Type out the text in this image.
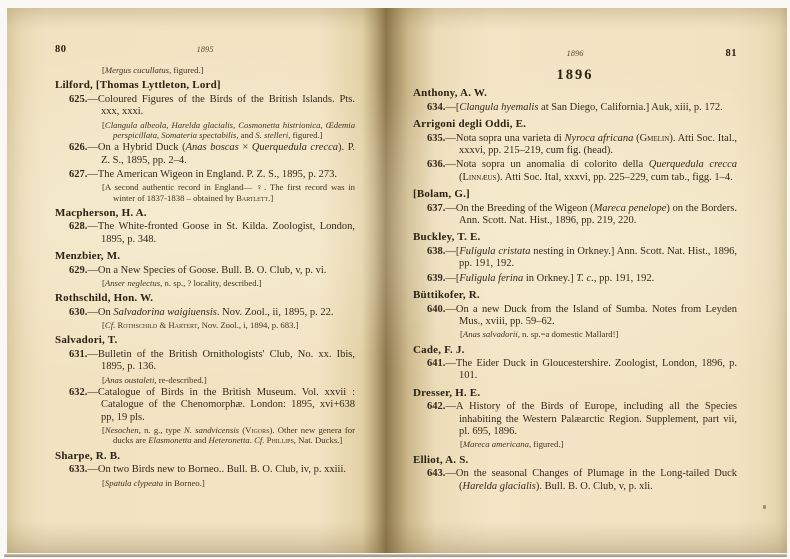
80	1895
[Mergus cucullatus, figured.]
Lilford, [Thomas Lyttleton, Lord]
625.—Coloured Figures of the Birds of the British Islands. Pts. xxx, xxxi.
[Clangula albeola, Harelda glacialis, Cosmonetta histrionica, Œdemia perspicillata, Somateria spectabilis, and S. stelleri, figured.]
626.—On a Hybrid Duck (Anas boscas × Querquedula crecca). P. Z. S., 1895, pp. 2–4.
627.—The American Wigeon in England. P. Z. S., 1895, p. 273.
[A second authentic record in England— ♀. The first record was in winter of 1837-1838 – obtained by Bartlett.]
Macpherson, H. A.
628.—The White-fronted Goose in St. Kilda. Zoologist, London, 1895, p. 348.
Menzbier, M.
629.—On a New Species of Goose. Bull. B. O. Club, v, p. vi.
[Anser neglectus, n. sp., ? locality, described.]
Rothschild, Hon. W.
630.—On Salvadorina waigiuensis. Nov. Zool., ii, 1895, p. 22.
[Cf. Rothschild & Hartert, Nov. Zool., i, 1894, p. 683.]
Salvadori, T.
631.—Bulletin of the British Ornithologists' Club, No. xx. Ibis, 1895, p. 136.
[Anas oustaleti, re-described.]
632.—Catalogue of Birds in the British Museum. Vol. xxvii : Catalogue of the Chenomorphæ. London: 1895, xvi+638 pp, 19 pls.
[Nesochen, n. g., type N. sandvicensis (Vigors). Other new genera for ducks are Elasmonetta and Heteronetta. Cf. Phillips, Nat. Ducks.]
Sharpe, R. B.
633.—On two Birds new to Borneo.. Bull. B. O. Club, iv, p. xxiii.
[Spatula clypeata in Borneo.]
1896	81
1896
Anthony, A. W.
634.—[Clangula hyemalis at San Diego, California.] Auk, xiii, p. 172.
Arrigoni degli Oddi, E.
635.—Nota sopra una varieta di Nyroca africana (Gmelin). Atti Soc. Ital., xxxvi, pp. 215–219, cum fig. (head).
636.—Nota sopra un anomalia di colorito della Querquedula crecca (Linnæus). Atti Soc. Ital, xxxvi, pp. 225–229, cum tab., figg. 1–4.
[Bolam, G.]
637.—On the Breeding of the Wigeon (Mareca penelope) on the Borders. Ann. Scott. Nat. Hist., 1896, pp. 219, 220.
Buckley, T. E.
638.—[Fuligula cristata nesting in Orkney.] Ann. Scott. Nat. Hist., 1896, pp. 191, 192.
639.—[Fuligula ferina in Orkney.] T. c., pp. 191, 192.
Büttikofer, R.
640.—On a new Duck from the Island of Sumba. Notes from Leyden Mus., xviii, pp. 59–62.
[Anas salvadorii, n. sp.=a domestic Mallard!]
Cade, F. J.
641.—The Eider Duck in Gloucestershire. Zoologist, London, 1896, p. 101.
Dresser, H. E.
642.—A History of the Birds of Europe, including all the Species inhabiting the Western Palæarctic Region. Supplement, part vii, pl. 695, 1896.
[Mareca americana, figured.]
Elliot, A. S.
643.—On the seasonal Changes of Plumage in the Long-tailed Duck (Harelda glacialis). Bull. B. O. Club, v, p. xli.
